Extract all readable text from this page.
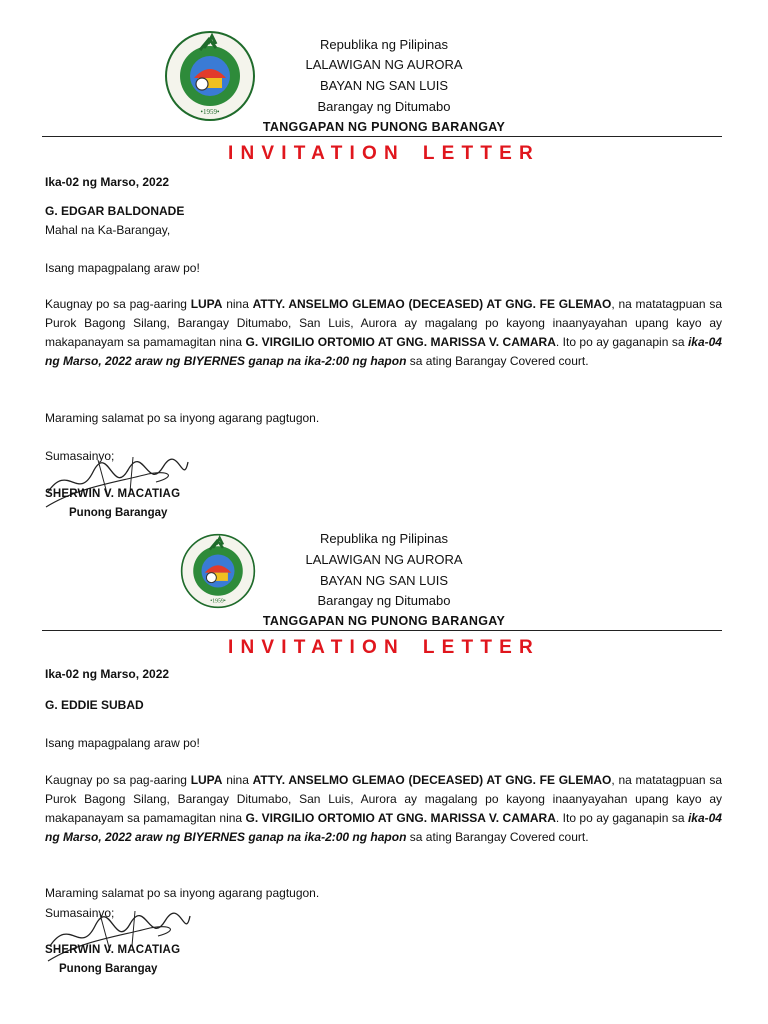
•1959•
Republika ng Pilipinas
LALAWIGAN NG AURORA
BAYAN NG SAN LUIS
Barangay ng Ditumabo
TANGGAPAN NG PUNONG BARANGAY
INVITATION LETTER
Ika-02 ng Marso, 2022
G. EDGAR BALDONADE
Mahal na Ka-Barangay,
Isang mapagpalang araw po!
Kaugnay po sa pag-aaring LUPA nina ATTY. ANSELMO GLEMAO (DECEASED) AT GNG. FE GLEMAO, na matatagpuan sa Purok Bagong Silang, Barangay Ditumabo, San Luis, Aurora ay magalang po kayong inaanyayahan upang kayo ay makapanayam sa pamamagitan nina G. VIRGILIO ORTOMIO AT GNG. MARISSA V. CAMARA. Ito po ay gaganapin sa ika-04 ng Marso, 2022 araw ng BIYERNES ganap na ika-2:00 ng hapon sa ating Barangay Covered court.
Maraming salamat po sa inyong agarang pagtugon.
Sumasainyo;
SHERWIN V. MACATIAG
Punong Barangay
•1959•
Republika ng Pilipinas
LALAWIGAN NG AURORA
BAYAN NG SAN LUIS
Barangay ng Ditumabo
TANGGAPAN NG PUNONG BARANGAY
INVITATION LETTER
Ika-02 ng Marso, 2022
G. EDDIE SUBAD
Isang mapagpalang araw po!
Kaugnay po sa pag-aaring LUPA nina ATTY. ANSELMO GLEMAO (DECEASED) AT GNG. FE GLEMAO, na matatagpuan sa Purok Bagong Silang, Barangay Ditumabo, San Luis, Aurora ay magalang po kayong inaanyayahan upang kayo ay makapanayam sa pamamagitan nina G. VIRGILIO ORTOMIO AT GNG. MARISSA V. CAMARA. Ito po ay gaganapin sa ika-04 ng Marso, 2022 araw ng BIYERNES ganap na ika-2:00 ng hapon sa ating Barangay Covered court.
Maraming salamat po sa inyong agarang pagtugon.
Sumasainyo;
SHERWIN V. MACATIAG
Punong Barangay
